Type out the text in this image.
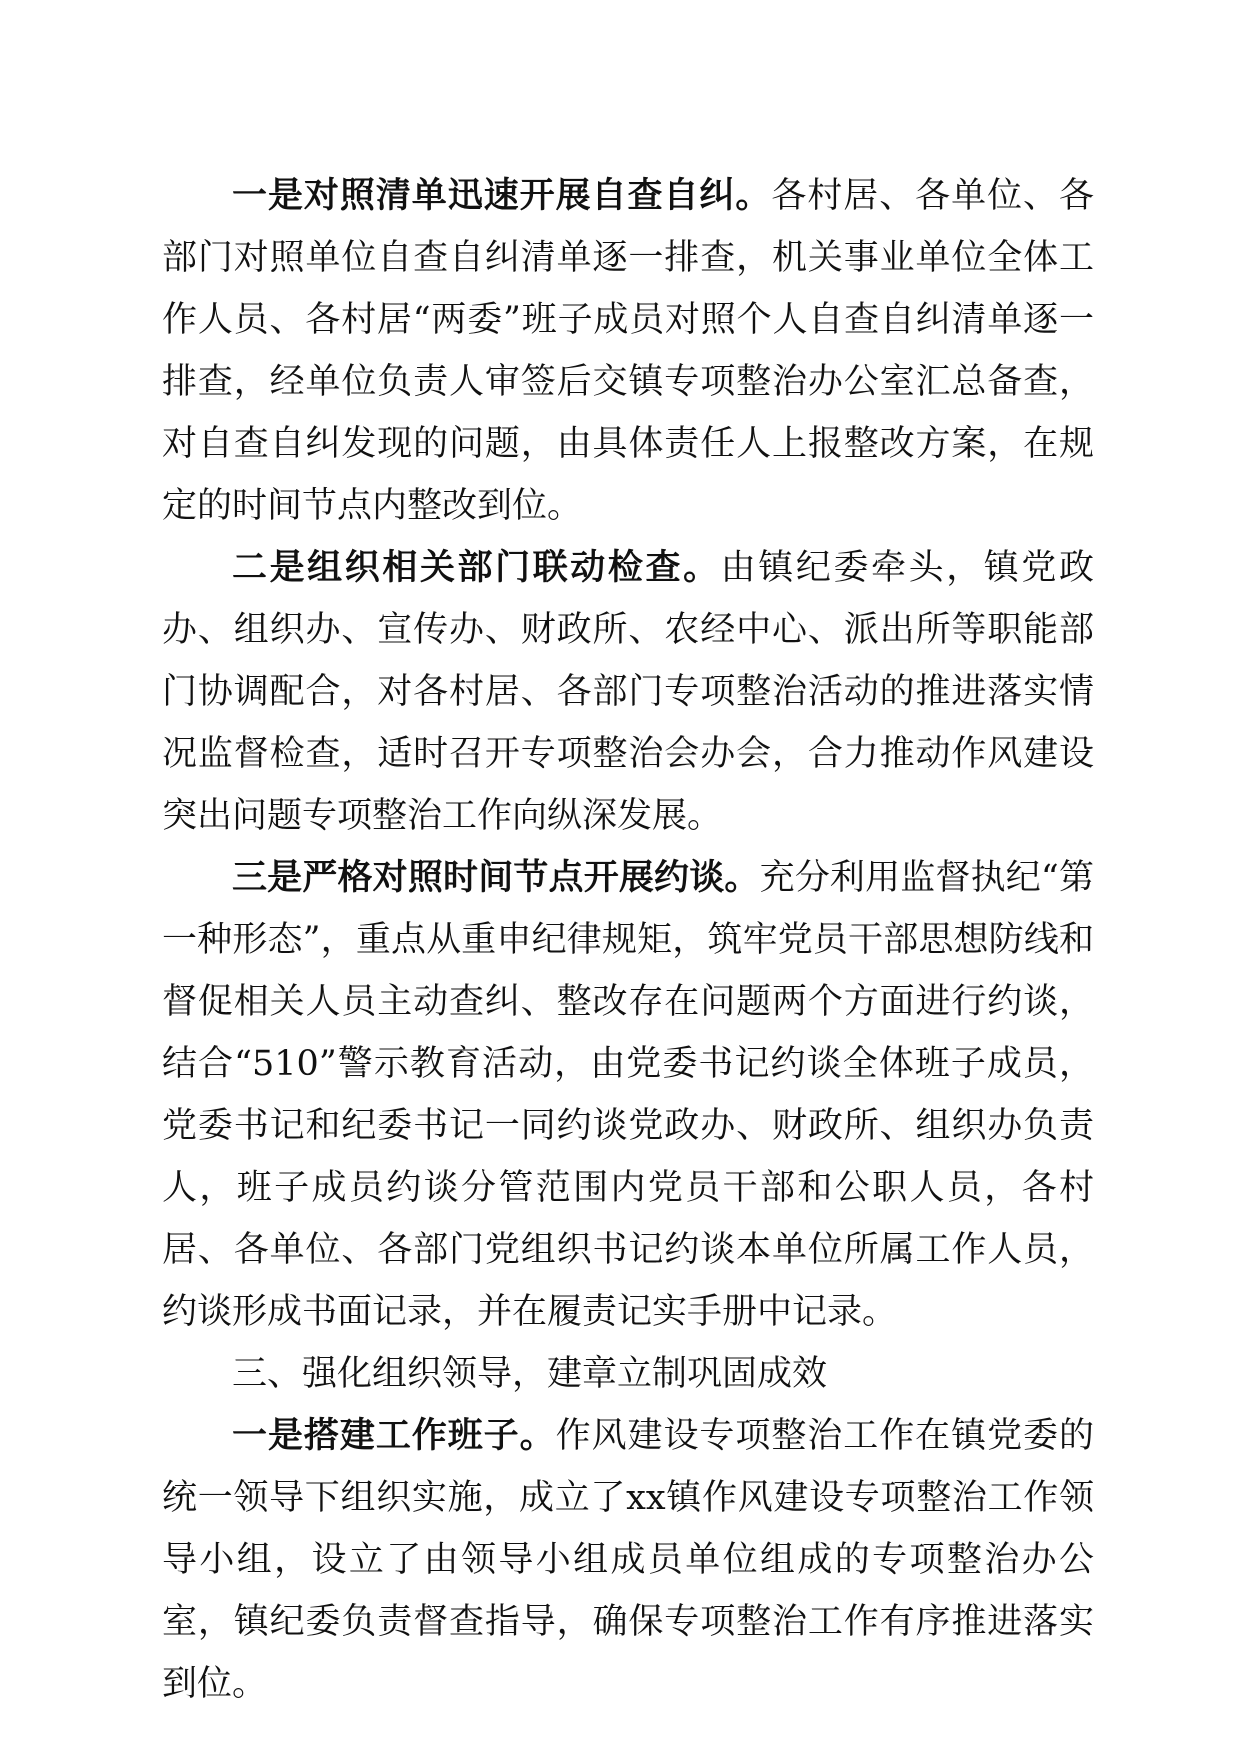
一是对照清单迅速开展自查自纠。各村居、各单位、各部门对照单位自查自纠清单逐一排查，机关事业单位全体工作人员、各村居“两委”班子成员对照个人自查自纠清单逐一排查，经单位负责人审签后交镇专项整治办公室汇总备查，对自查自纠发现的问题，由具体责任人上报整改方案，在规定的时间节点内整改到位。

二是组织相关部门联动检查。由镇纪委牵头，镇党政办、组织办、宣传办、财政所、农经中心、派出所等职能部门协调配合，对各村居、各部门专项整治活动的推进落实情况监督检查，适时召开专项整治会办会，合力推动作风建设突出问题专项整治工作向纵深发展。

三是严格对照时间节点开展约谈。充分利用监督执纪“第一种形态”，重点从重申纪律规矩，筑牢党员干部思想防线和督促相关人员主动查纠、整改存在问题两个方面进行约谈，结合“510”警示教育活动，由党委书记约谈全体班子成员，党委书记和纪委书记一同约谈党政办、财政所、组织办负责人，班子成员约谈分管范围内党员干部和公职人员，各村居、各单位、各部门党组织书记约谈本单位所属工作人员，约谈形成书面记录，并在履责记实手册中记录。

三、强化组织领导，建章立制巩固成效

一是搭建工作班子。作风建设专项整治工作在镇党委的统一领导下组织实施，成立了xx镇作风建设专项整治工作领导小组，设立了由领导小组成员单位组成的专项整治办公室，镇纪委负责督查指导，确保专项整治工作有序推进落实到位。
